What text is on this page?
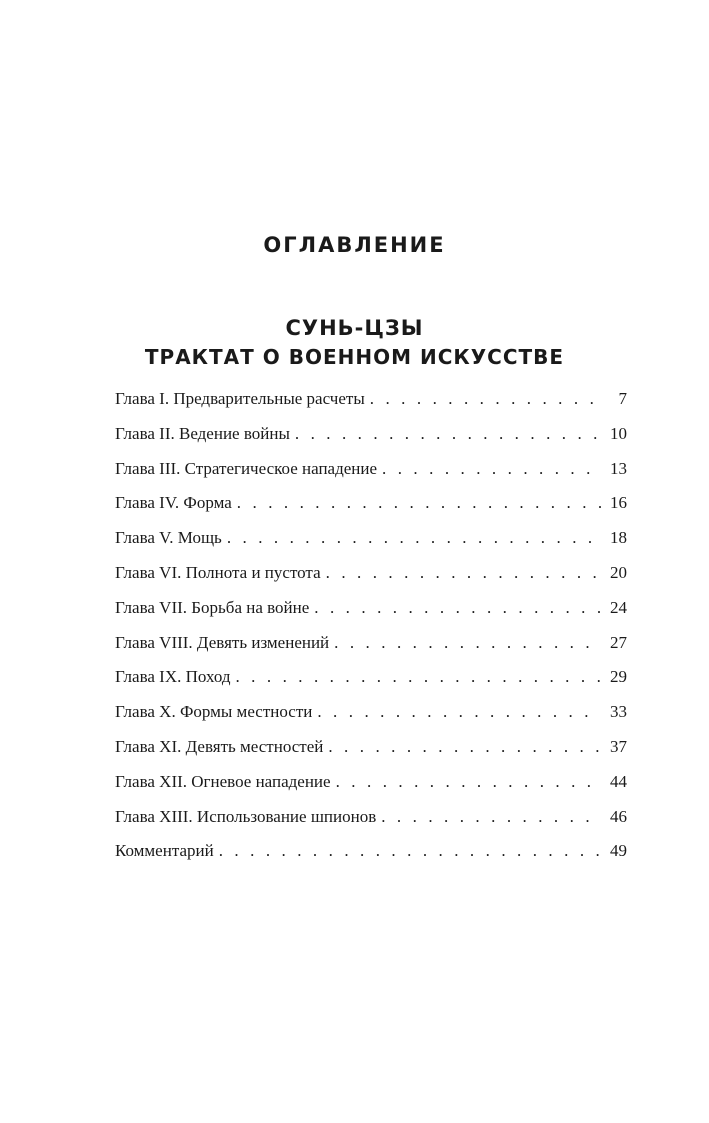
ОГЛАВЛЕНИЕ
СУНЬ-ЦЗЫ
ТРАКТАТ О ВОЕННОМ ИСКУССТВЕ
Глава I. Предварительные расчеты . . .	7
Глава II. Ведение войны . . .	10
Глава III. Стратегическое нападение . . .	13
Глава IV. Форма . . .	16
Глава V. Мощь . . .	18
Глава VI. Полнота и пустота . . .	20
Глава VII. Борьба на войне . . .	24
Глава VIII. Девять изменений . . .	27
Глава IX. Поход . . .	29
Глава X. Формы местности . . .	33
Глава XI. Девять местностей . . .	37
Глава XII. Огневое нападение . . .	44
Глава XIII. Использование шпионов . . .	46
Комментарий . . .	49
